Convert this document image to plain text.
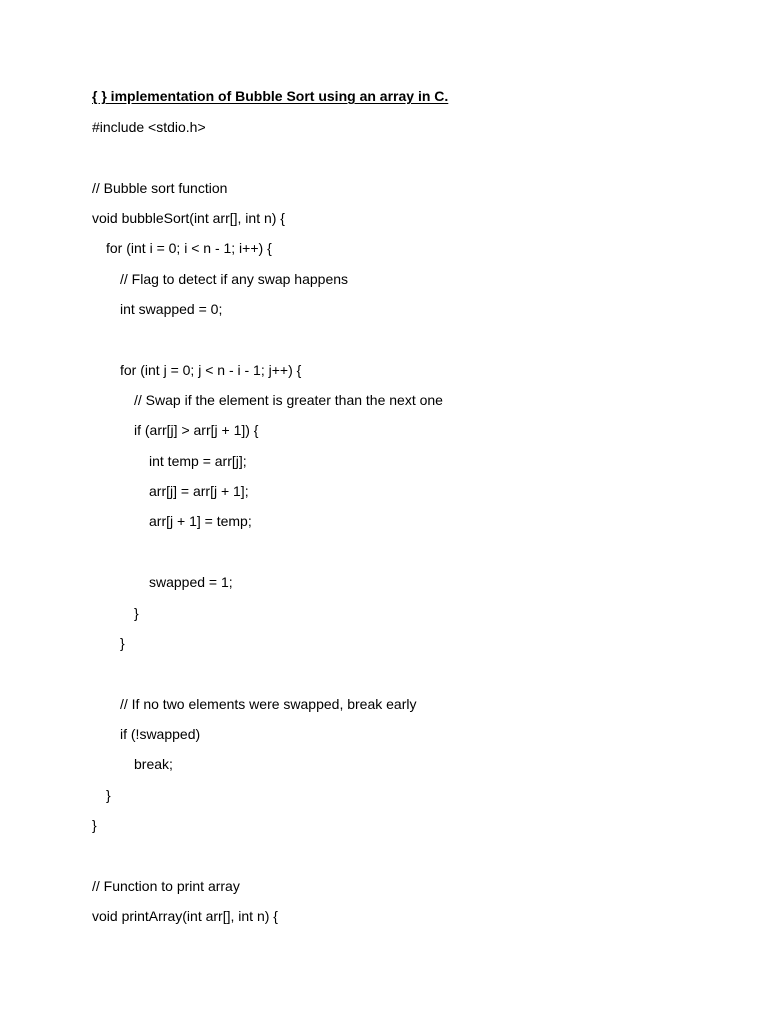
{ } implementation of Bubble Sort using an array in C.
#include <stdio.h>
// Bubble sort function
void bubbleSort(int arr[], int n) {
for (int i = 0; i < n - 1; i++) {
// Flag to detect if any swap happens
int swapped = 0;
for (int j = 0; j < n - i - 1; j++) {
// Swap if the element is greater than the next one
if (arr[j] > arr[j + 1]) {
int temp = arr[j];
arr[j] = arr[j + 1];
arr[j + 1] = temp;
swapped = 1;
}
}
// If no two elements were swapped, break early
if (!swapped)
break;
}
}
// Function to print array
void printArray(int arr[], int n) {
